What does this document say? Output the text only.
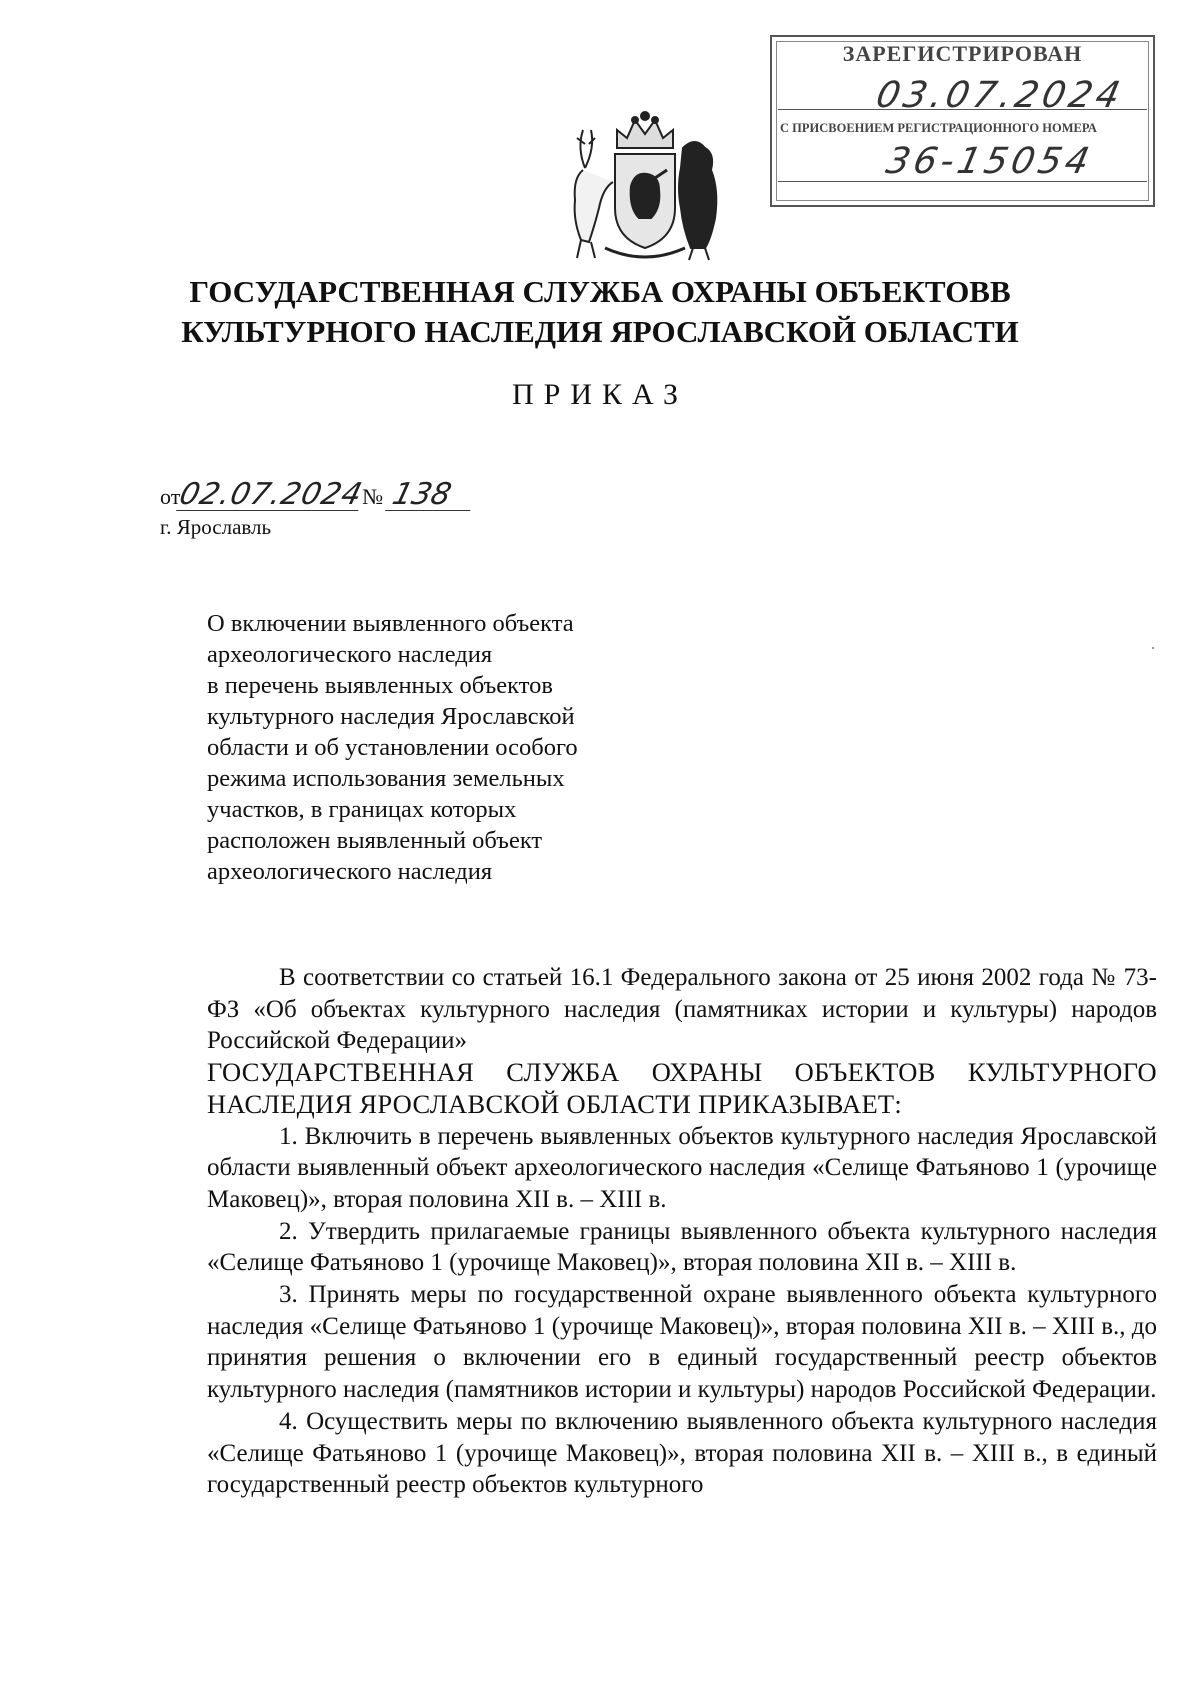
ЗАРЕГИСТРИРОВАН
03.07.2024
С ПРИСВОЕНИЕМ РЕГИСТРАЦИОННОГО НОМЕРА
36-15054
ГОСУДАРСТВЕННАЯ СЛУЖБА ОХРАНЫ ОБЪЕКТОВВ
КУЛЬТУРНОГО НАСЛЕДИЯ ЯРОСЛАВСКОЙ ОБЛАСТИ
ПРИКАЗ
от02.07.2024№ 138
г. Ярославль
О включении выявленного объекта
археологического наследия
в перечень выявленных объектов
культурного наследия Ярославской
области и об установлении особого
режима использования земельных
участков, в границах которых
расположен выявленный объект
археологического наследия

В соответствии со статьей 16.1 Федерального закона от 25 июня 2002 года № 73-ФЗ «Об объектах культурного наследия (памятниках истории и культуры) народов Российской Федерации»

ГОСУДАРСТВЕННАЯ СЛУЖБА ОХРАНЫ ОБЪЕКТОВ КУЛЬТУРНОГО НАСЛЕДИЯ ЯРОСЛАВСКОЙ ОБЛАСТИ ПРИКАЗЫВАЕТ:

1. Включить в перечень выявленных объектов культурного наследия Ярославской области выявленный объект археологического наследия «Селище Фатьяново 1 (урочище Маковец)», вторая половина XII в. – XIII в.

2. Утвердить прилагаемые границы выявленного объекта культурного наследия «Селище Фатьяново 1 (урочище Маковец)», вторая половина XII в. – XIII в.

3. Принять меры по государственной охране выявленного объекта культурного наследия «Селище Фатьяново 1 (урочище Маковец)», вторая половина XII в. – XIII в., до принятия решения о включении его в единый государственный реестр объектов культурного наследия (памятников истории и культуры) народов Российской Федерации.

4. Осуществить меры по включению выявленного объекта культурного наследия «Селище Фатьяново 1 (урочище Маковец)», вторая половина XII в. – XIII в., в единый государственный реестр объектов культурного
